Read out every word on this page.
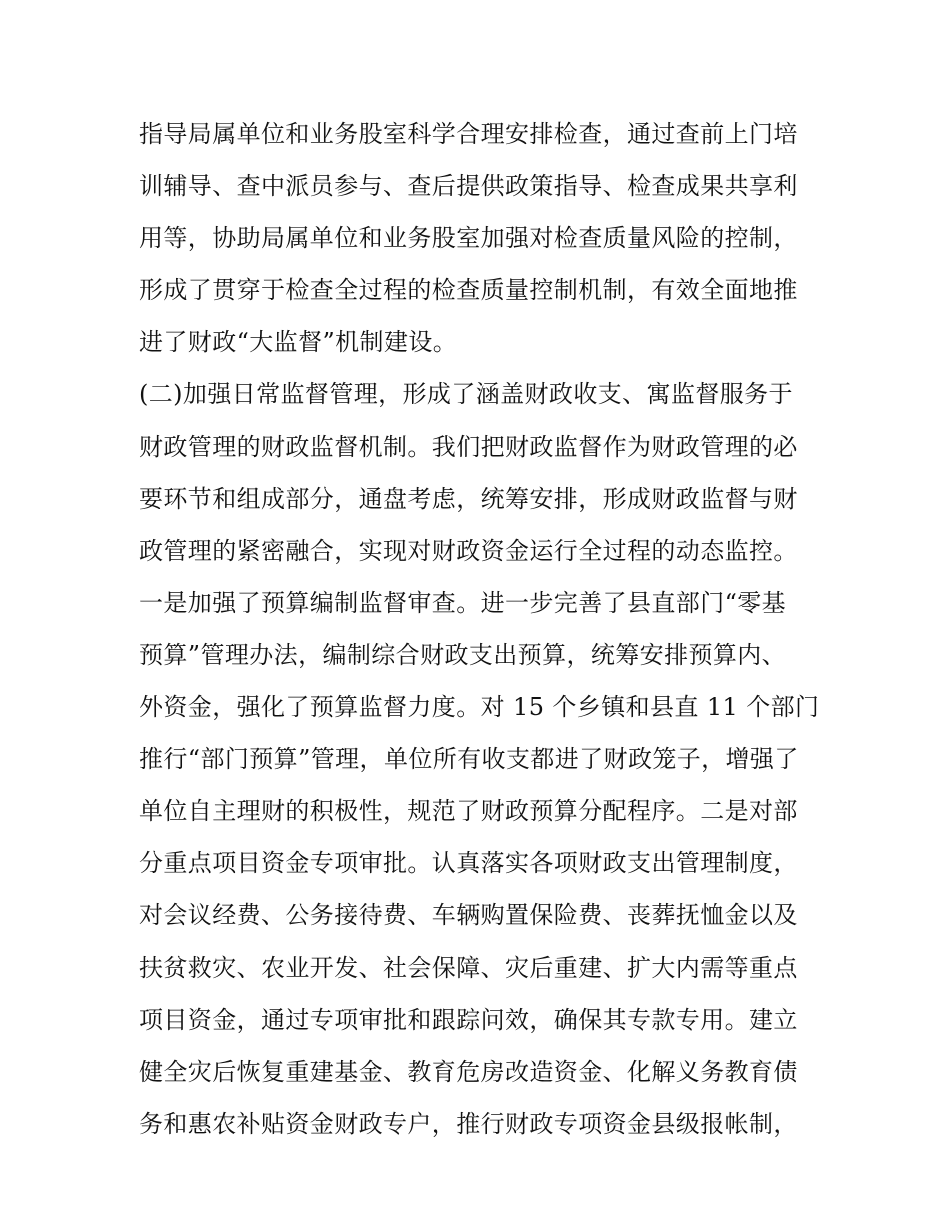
指导局属单位和业务股室科学合理安排检查，通过查前上门培
训辅导、查中派员参与、查后提供政策指导、检查成果共享利
用等，协助局属单位和业务股室加强对检查质量风险的控制，
形成了贯穿于检查全过程的检查质量控制机制，有效全面地推
进了财政“大监督”机制建设。
(二)加强日常监督管理，形成了涵盖财政收支、寓监督服务于
财政管理的财政监督机制。我们把财政监督作为财政管理的必
要环节和组成部分，通盘考虑，统筹安排，形成财政监督与财
政管理的紧密融合，实现对财政资金运行全过程的动态监控。
一是加强了预算编制监督审查。进一步完善了县直部门“零基
预算”管理办法，编制综合财政支出预算，统筹安排预算内、
外资金，强化了预算监督力度。对 15 个乡镇和县直 11 个部门
推行“部门预算”管理，单位所有收支都进了财政笼子，增强了
单位自主理财的积极性，规范了财政预算分配程序。二是对部
分重点项目资金专项审批。认真落实各项财政支出管理制度，
对会议经费、公务接待费、车辆购置保险费、丧葬抚恤金以及
扶贫救灾、农业开发、社会保障、灾后重建、扩大内需等重点
项目资金，通过专项审批和跟踪问效，确保其专款专用。建立
健全灾后恢复重建基金、教育危房改造资金、化解义务教育债
务和惠农补贴资金财政专户，推行财政专项资金县级报帐制，
